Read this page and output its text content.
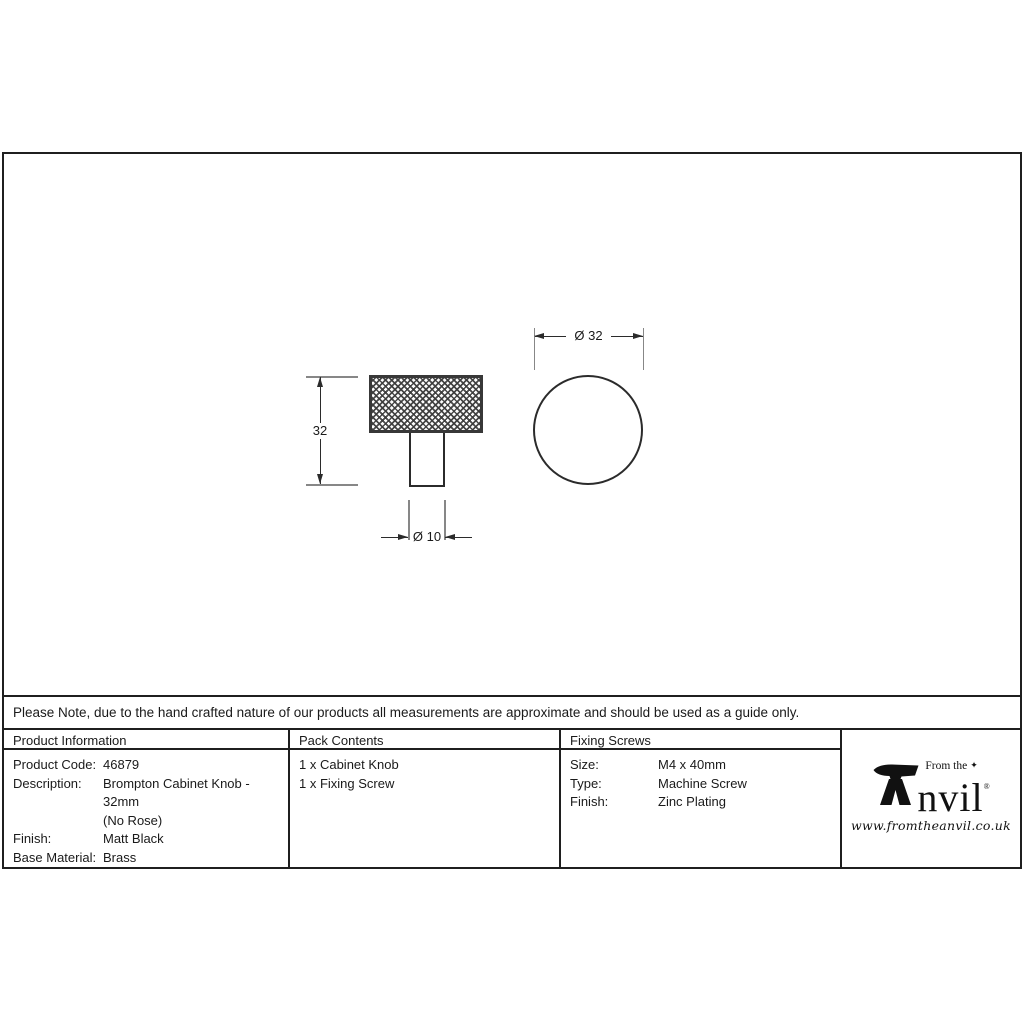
32
Ø 10
Ø 32
Please Note, due to the hand crafted nature of our products all measurements are approximate and should be used as a guide only.
Product Information
Product Code: 46879
Description:	Brompton Cabinet Knob - 32mm
(No Rose)
Finish:	Matt Black
Base Material: Brass
Pack Contents
1 x Cabinet Knob
1 x Fixing Screw
Fixing Screws
Size:	M4 x 40mm
Type:	Machine Screw
Finish:	Zinc Plating
From the ✦
nvil®
www.fromtheanvil.co.uk
